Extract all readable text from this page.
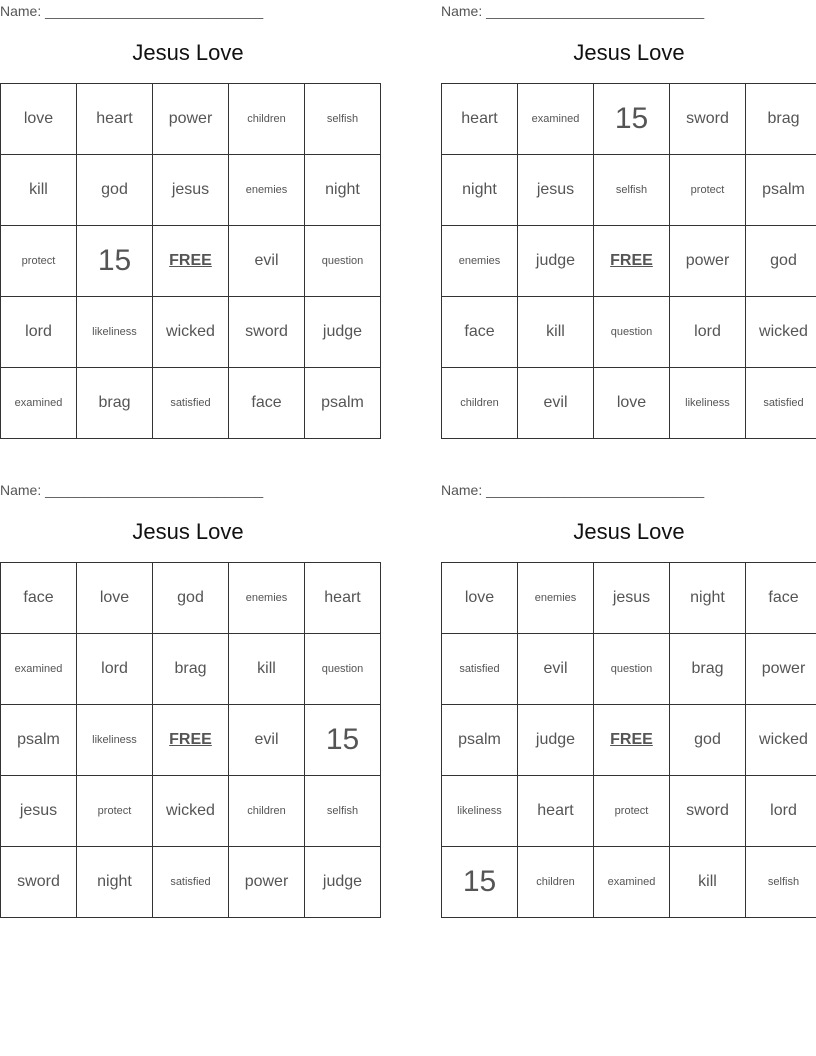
Name: ____________________________
Jesus Love
love	heart	power	children	selfish
kill	god	jesus	enemies	night
protect	15	FREE	evil	question
lord	likeliness	wicked	sword	judge
examined	brag	satisfied	face	psalm
Name: ____________________________
Jesus Love
heart	examined	15	sword	brag
night	jesus	selfish	protect	psalm
enemies	judge	FREE	power	god
face	kill	question	lord	wicked
children	evil	love	likeliness	satisfied
Name: ____________________________
Jesus Love
face	love	god	enemies	heart
examined	lord	brag	kill	question
psalm	likeliness	FREE	evil	15
jesus	protect	wicked	children	selfish
sword	night	satisfied	power	judge
Name: ____________________________
Jesus Love
love	enemies	jesus	night	face
satisfied	evil	question	brag	power
psalm	judge	FREE	god	wicked
likeliness	heart	protect	sword	lord
15	children	examined	kill	selfish
